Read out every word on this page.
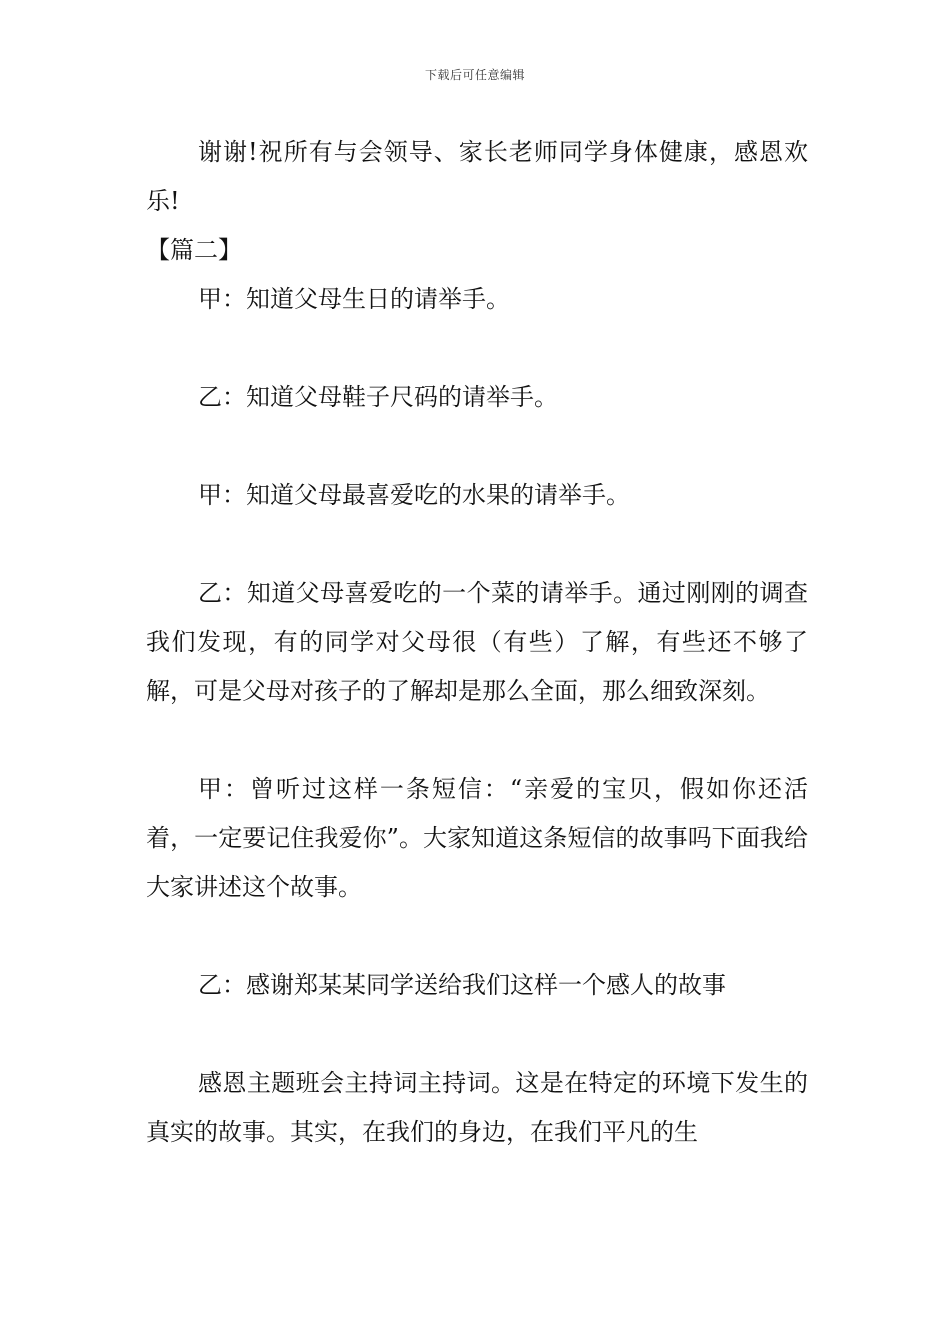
下载后可任意编辑

谢谢!祝所有与会领导、家长老师同学身体健康，感恩欢乐!

【篇二】

甲：知道父母生日的请举手。

乙：知道父母鞋子尺码的请举手。

甲：知道父母最喜爱吃的水果的请举手。

乙：知道父母喜爱吃的一个菜的请举手。通过刚刚的调查我们发现，有的同学对父母很（有些）了解，有些还不够了解，可是父母对孩子的了解却是那么全面，那么细致深刻。

甲：曾听过这样一条短信：“亲爱的宝贝，假如你还活着，一定要记住我爱你”。大家知道这条短信的故事吗下面我给大家讲述这个故事。

乙：感谢郑某某同学送给我们这样一个感人的故事

感恩主题班会主持词主持词。这是在特定的环境下发生的真实的故事。其实，在我们的身边，在我们平凡的生
